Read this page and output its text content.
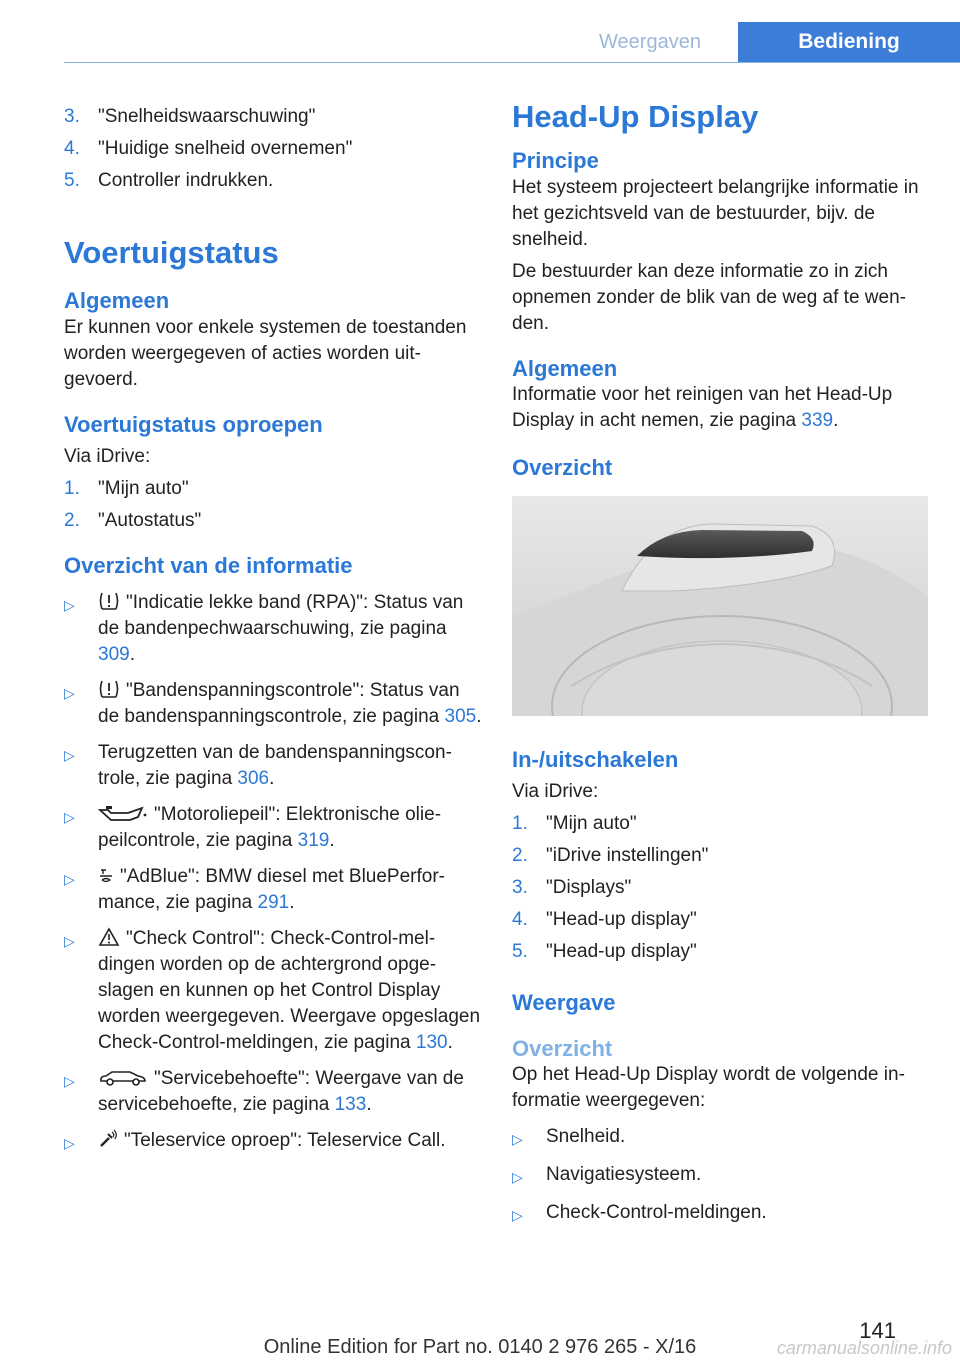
Weergaven	Bediening
3. "Snelheidswaarschuwing"
4. "Huidige snelheid overnemen"
5. Controller indrukken.
Voertuigstatus
Algemeen

Er kunnen voor enkele systemen de toestanden worden weergegeven of acties worden uitgevoerd.

Voertuigstatus oproepen

Via iDrive:

1. "Mijn auto"
2. "Autostatus"
Overzicht van de informatie
▷	"Indicatie lekke band (RPA)": Status van de bandenpechwaarschuwing, zie pagina 309.
▷	"Bandenspanningscontrole": Status van de bandenspanningscontrole, zie pagina 305.
▷	Terugzetten van de bandenspanningscontrole, zie pagina 306.
▷	"Motoroliepeil": Elektronische oliepeilcontrole, zie pagina 319.
▷	"AdBlue": BMW diesel met BluePerformance, zie pagina 291.
▷	"Check Control": Check-Control-meldingen worden op de achtergrond opgeslagen en kunnen op het Control Display worden weergegeven. Weergave opgeslagen Check-Control-meldingen, zie pagina 130.
▷	"Servicebehoefte": Weergave van de servicebehoefte, zie pagina 133.
▷	"Teleservice oproep": Teleservice Call.
Head-Up Display
Principe

Het systeem projecteert belangrijke informatie in het gezichtsveld van de bestuurder, bijv. de snelheid.

De bestuurder kan deze informatie zo in zich opnemen zonder de blik van de weg af te wenden.

Algemeen

Informatie voor het reinigen van het Head-Up Display in acht nemen, zie pagina 339.

Overzicht
In-/uitschakelen

Via iDrive:

1. "Mijn auto"
2. "iDrive instellingen"
3. "Displays"
4. "Head-up display"
5. "Head-up display"
Weergave
Overzicht

Op het Head-Up Display wordt de volgende informatie weergegeven:

▷	Snelheid.
▷	Navigatiesysteem.
▷	Check-Control-meldingen.
141
Online Edition for Part no. 0140 2 976 265 - X/16	carmanualsonline.info
